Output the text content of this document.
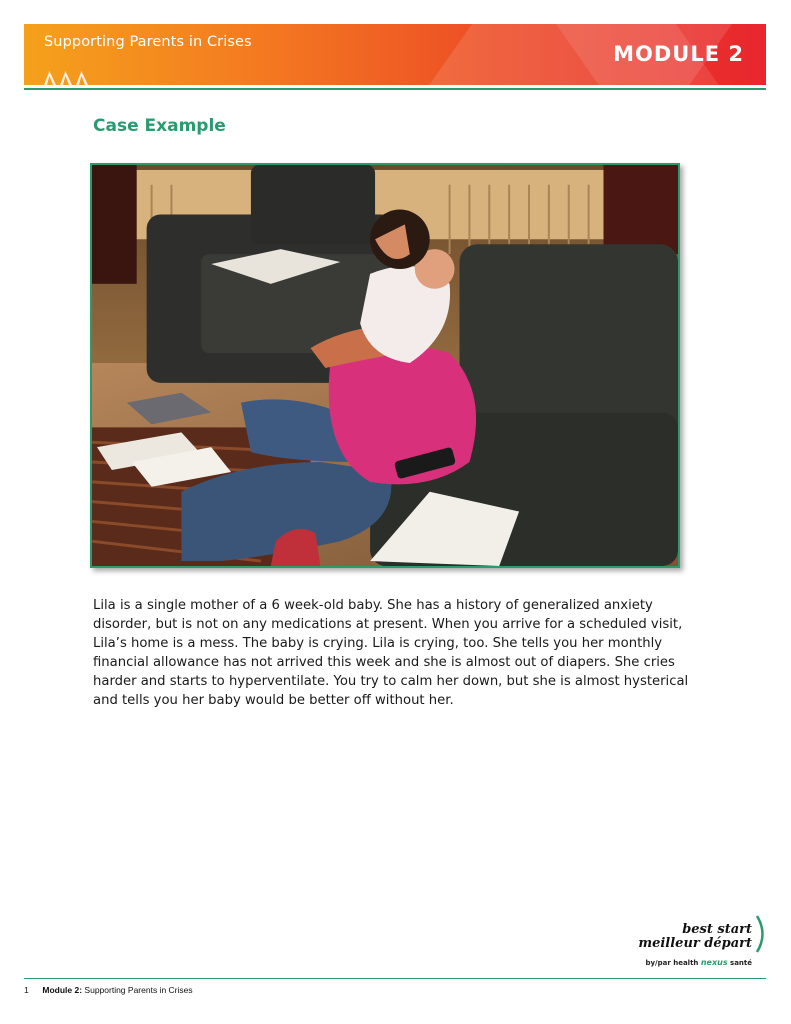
Supporting Parents in Crises	MODULE 2
Case Example

Lila is a single mother of a 6 week-old baby. She has a history of generalized anxiety disorder, but is not on any medications at present. When you arrive for a scheduled visit, Lila’s home is a mess. The baby is crying. Lila is crying, too. She tells you her monthly financial allowance has not arrived this week and she is almost out of diapers. She cries harder and starts to hyperventilate. You try to calm her down, but she is almost hysterical and tells you her baby would be better off without her.

best start
meilleur départ
by/par health nexus santé
1 Module 2: Supporting Parents in Crises
